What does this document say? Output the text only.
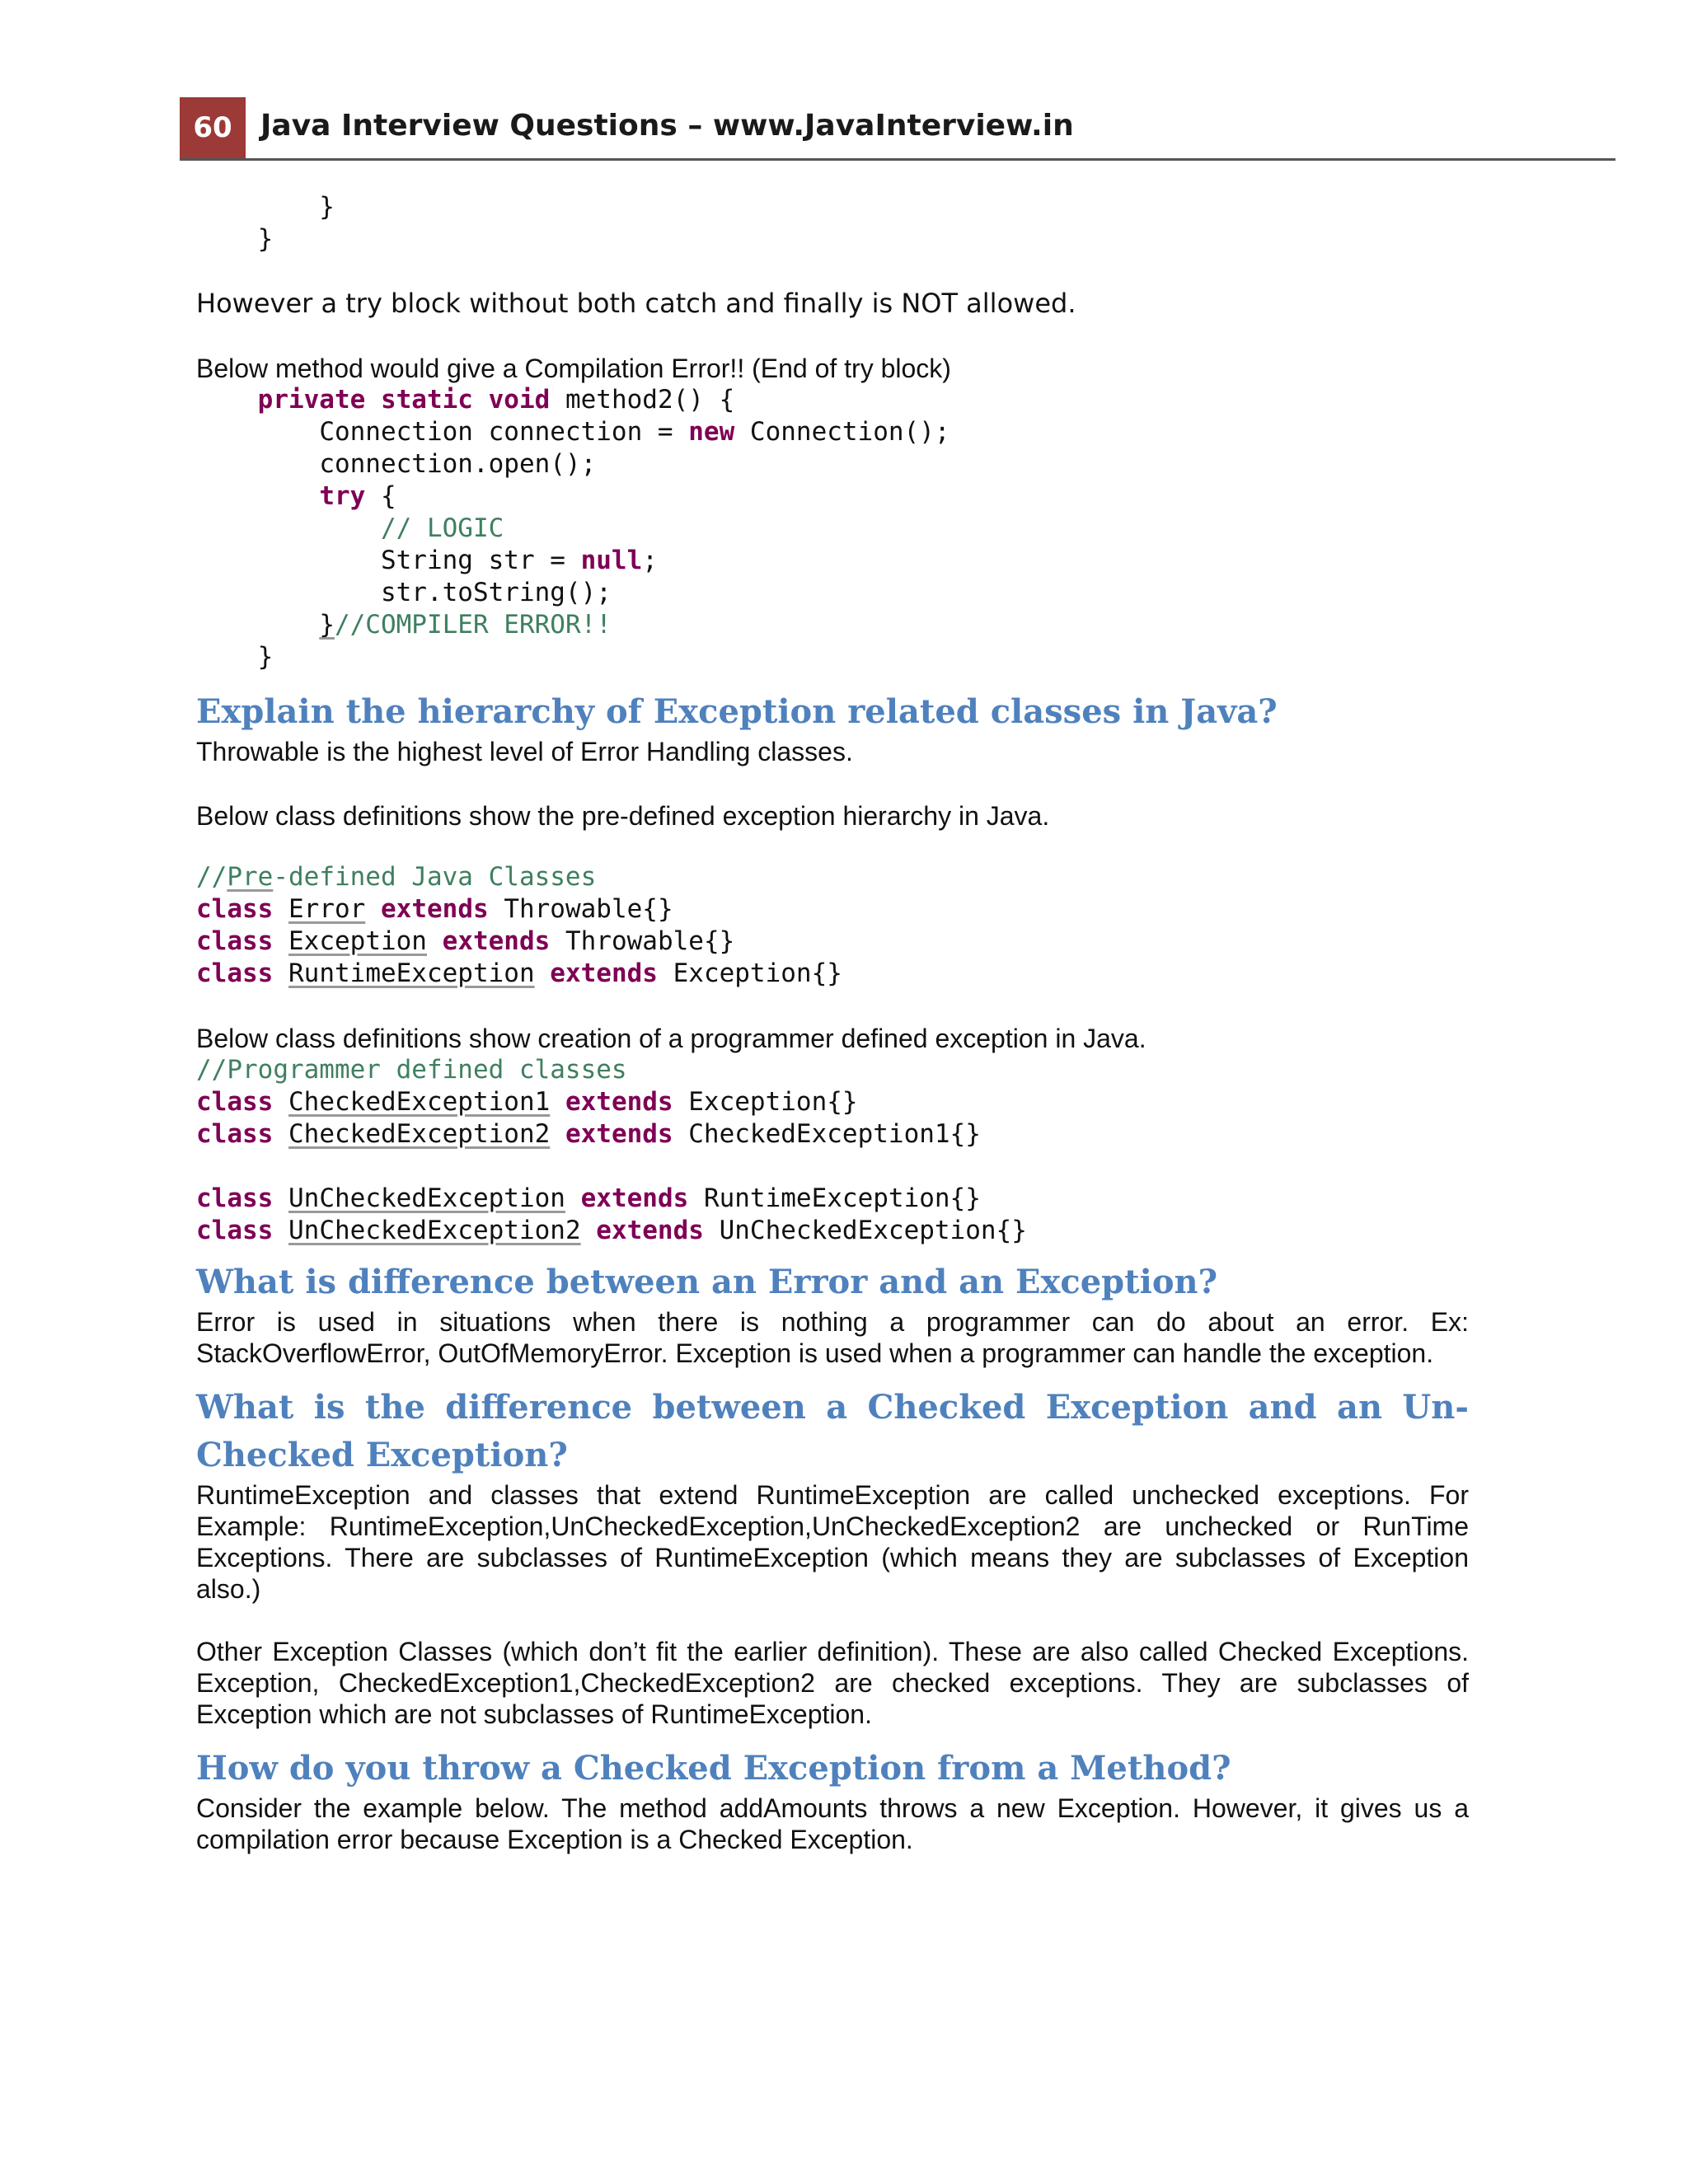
60 Java Interview Questions – www.JavaInterview.in
}
}

However a try block without both catch and finally is NOT allowed.

Below method would give a Compilation Error!! (End of try block)

private static void method2() {
Connection connection = new Connection();
connection.open();
try {
// LOGIC
String str = null;
str.toString();
}//COMPILER ERROR!!
}
Explain the hierarchy of Exception related classes in Java?

Throwable is the highest level of Error Handling classes.

Below class definitions show the pre-defined exception hierarchy in Java.

//Pre-defined Java Classes
class Error extends Throwable{}
class Exception extends Throwable{}
class RuntimeException extends Exception{}

Below class definitions show creation of a programmer defined exception in Java.

//Programmer defined classes
class CheckedException1 extends Exception{}
class CheckedException2 extends CheckedException1{}

class UnCheckedException extends RuntimeException{}
class UnCheckedException2 extends UnCheckedException{}
What is difference between an Error and an Exception?

Error is used in situations when there is nothing a programmer can do about an error. Ex: StackOverflowError, OutOfMemoryError. Exception is used when a programmer can handle the exception.

What is the difference between a Checked Exception and an Un-Checked Exception?

RuntimeException and classes that extend RuntimeException are called unchecked exceptions. For Example: RuntimeException,UnCheckedException,UnCheckedException2 are unchecked or RunTime Exceptions. There are subclasses of RuntimeException (which means they are subclasses of Exception also.)

Other Exception Classes (which don’t fit the earlier definition). These are also called Checked Exceptions. Exception, CheckedException1,CheckedException2 are checked exceptions. They are subclasses of Exception which are not subclasses of RuntimeException.

How do you throw a Checked Exception from a Method?

Consider the example below. The method addAmounts throws a new Exception. However, it gives us a compilation error because Exception is a Checked Exception.
